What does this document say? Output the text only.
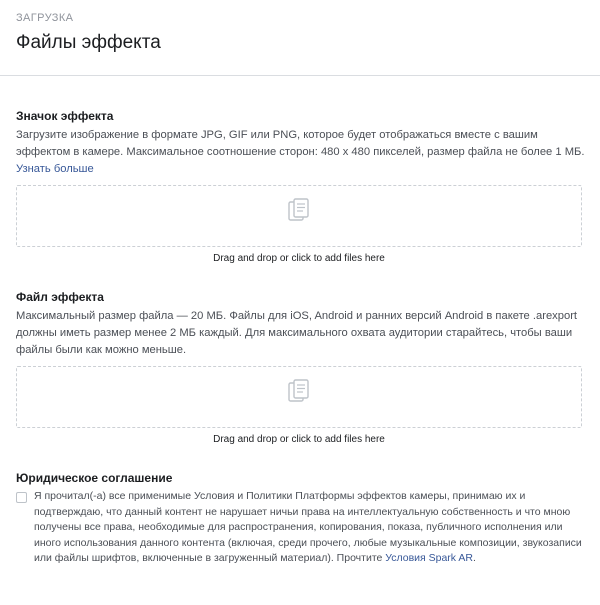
ЗАГРУЗКА
Файлы эффекта
Значок эффекта

Загрузите изображение в формате JPG, GIF или PNG, которое будет отображаться вместе с вашим эффектом в камере. Максимальное соотношение сторон: 480 x 480 пикселей, размер файла не более 1 МБ. Узнать больше

Drag and drop or click to add files here
Файл эффекта

Максимальный размер файла — 20 МБ. Файлы для iOS, Android и ранних версий Android в пакете .arexport должны иметь размер менее 2 МБ каждый. Для максимального охвата аудитории старайтесь, чтобы ваши файлы были как можно меньше.

Drag and drop or click to add files here
Юридическое соглашение

Я прочитал(-а) все применимые Условия и Политики Платформы эффектов камеры, принимаю их и подтверждаю, что данный контент не нарушает ничьи права на интеллектуальную собственность и что мною получены все права, необходимые для распространения, копирования, показа, публичного исполнения или иного использования данного контента (включая, среди прочего, любые музыкальные композиции, звукозаписи или файлы шрифтов, включенные в загруженный материал). Прочтите Условия Spark AR.
